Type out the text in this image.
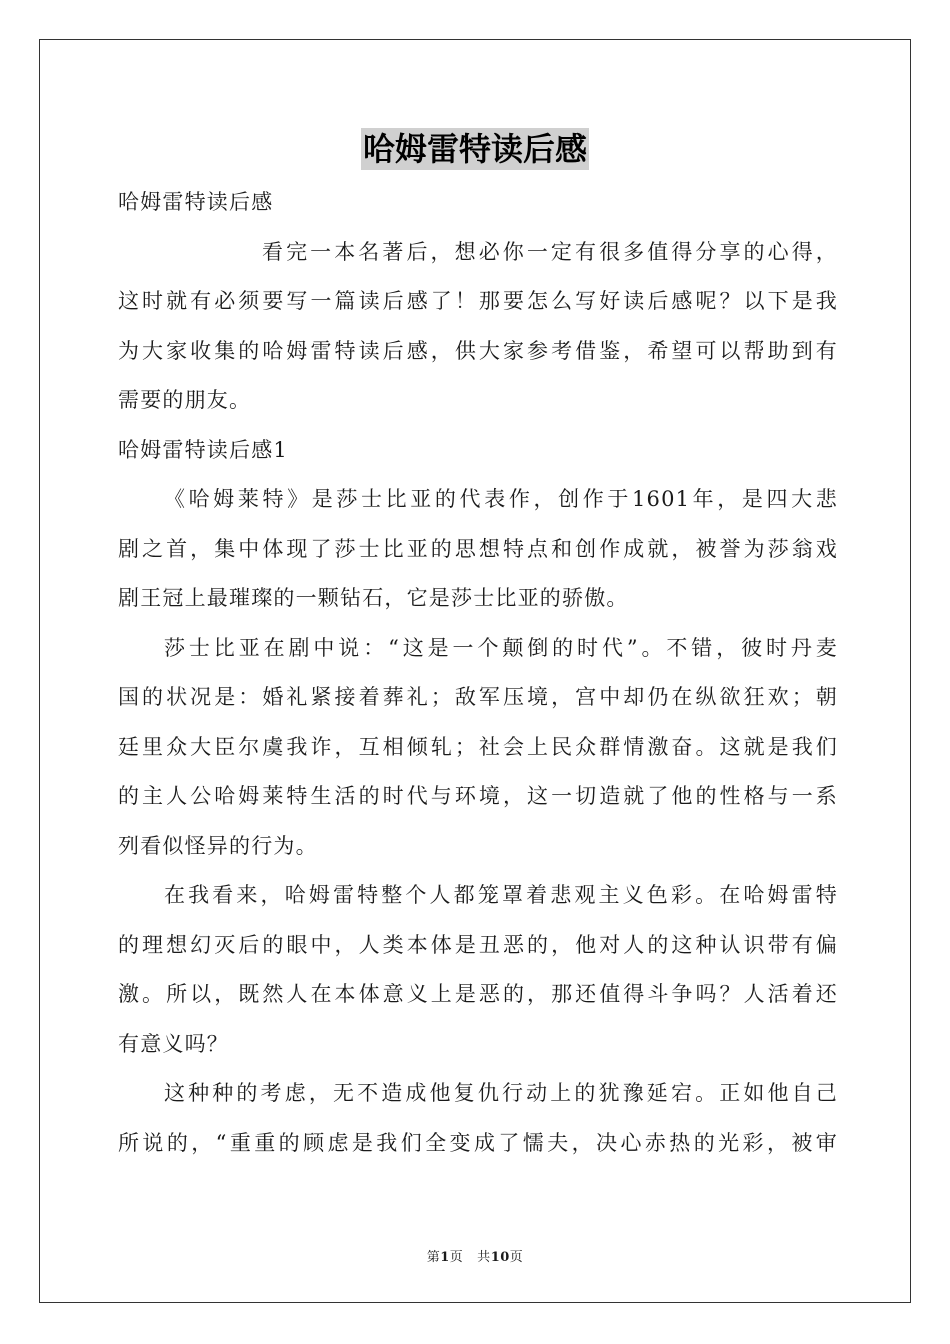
哈姆雷特读后感
哈姆雷特读后感
看完一本名著后，想必你一定有很多值得分享的心得，
这时就有必须要写一篇读后感了！那要怎么写好读后感呢？以下是我
为大家收集的哈姆雷特读后感，供大家参考借鉴，希望可以帮助到有
需要的朋友。
哈姆雷特读后感1
《哈姆莱特》是莎士比亚的代表作，创作于1601年，是四大悲
剧之首，集中体现了莎士比亚的思想特点和创作成就，被誉为莎翁戏
剧王冠上最璀璨的一颗钻石，它是莎士比亚的骄傲。
莎士比亚在剧中说：“这是一个颠倒的时代”。不错，彼时丹麦
国的状况是：婚礼紧接着葬礼；敌军压境，宫中却仍在纵欲狂欢；朝
廷里众大臣尔虞我诈，互相倾轧；社会上民众群情激奋。这就是我们
的主人公哈姆莱特生活的时代与环境，这一切造就了他的性格与一系
列看似怪异的行为。
在我看来，哈姆雷特整个人都笼罩着悲观主义色彩。在哈姆雷特
的理想幻灭后的眼中，人类本体是丑恶的，他对人的这种认识带有偏
激。所以，既然人在本体意义上是恶的，那还值得斗争吗？人活着还
有意义吗？
这种种的考虑，无不造成他复仇行动上的犹豫延宕。正如他自己
所说的，“重重的顾虑是我们全变成了懦夫，决心赤热的光彩，被审
第1页 共10页
